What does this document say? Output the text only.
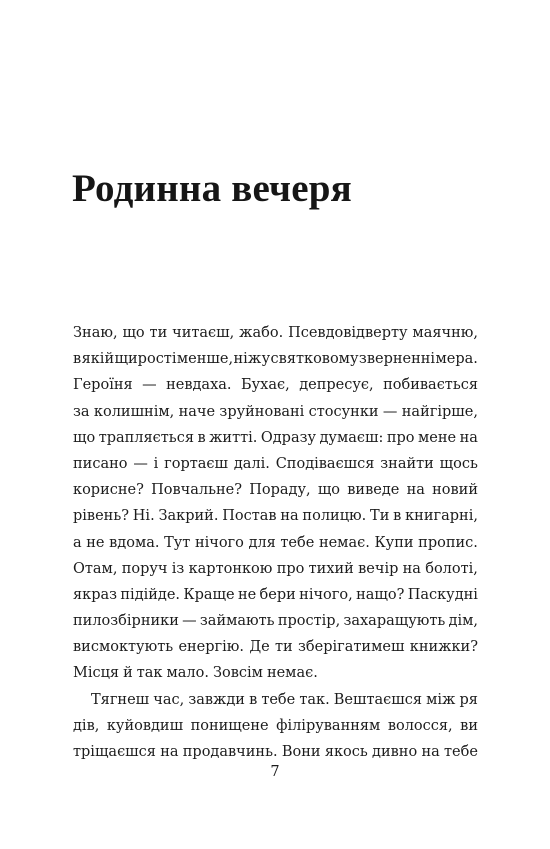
Родинна вечеря
Знаю, що ти читаєш, жабо. Псевдовідверту маячню,
в якій щирості менше, ніж у святковому зверненні мера.
Героїня — невдаха. Бухає, депресує, побивається
за колишнім, наче зруйновані стосунки — найгірше,
що трапляється в житті. Одразу думаєш: про мене на
писано — і гортаєш далі. Сподіваєшся знайти щось
корисне? Повчальне? Пораду, що виведе на новий
рівень? Ні. Закрий. Постав на полицю. Ти в книгарні,
а не вдома. Тут нічого для тебе немає. Купи пропис.
Отам, поруч із картонкою про тихий вечір на болоті,
якраз підійде. Краще не бери нічого, нащо? Паскудні
пилозбірники — займають простір, захаращують дім,
висмоктують енергію. Де ти зберігатимеш книжки?
Місця й так мало. Зовсім немає.
Тягнеш час, завжди в тебе так. Вештаєшся між ря
дів, куйовдиш понищене філіруванням волосся, ви
тріщаєшся на продавчинь. Вони якось дивно на тебе
7
